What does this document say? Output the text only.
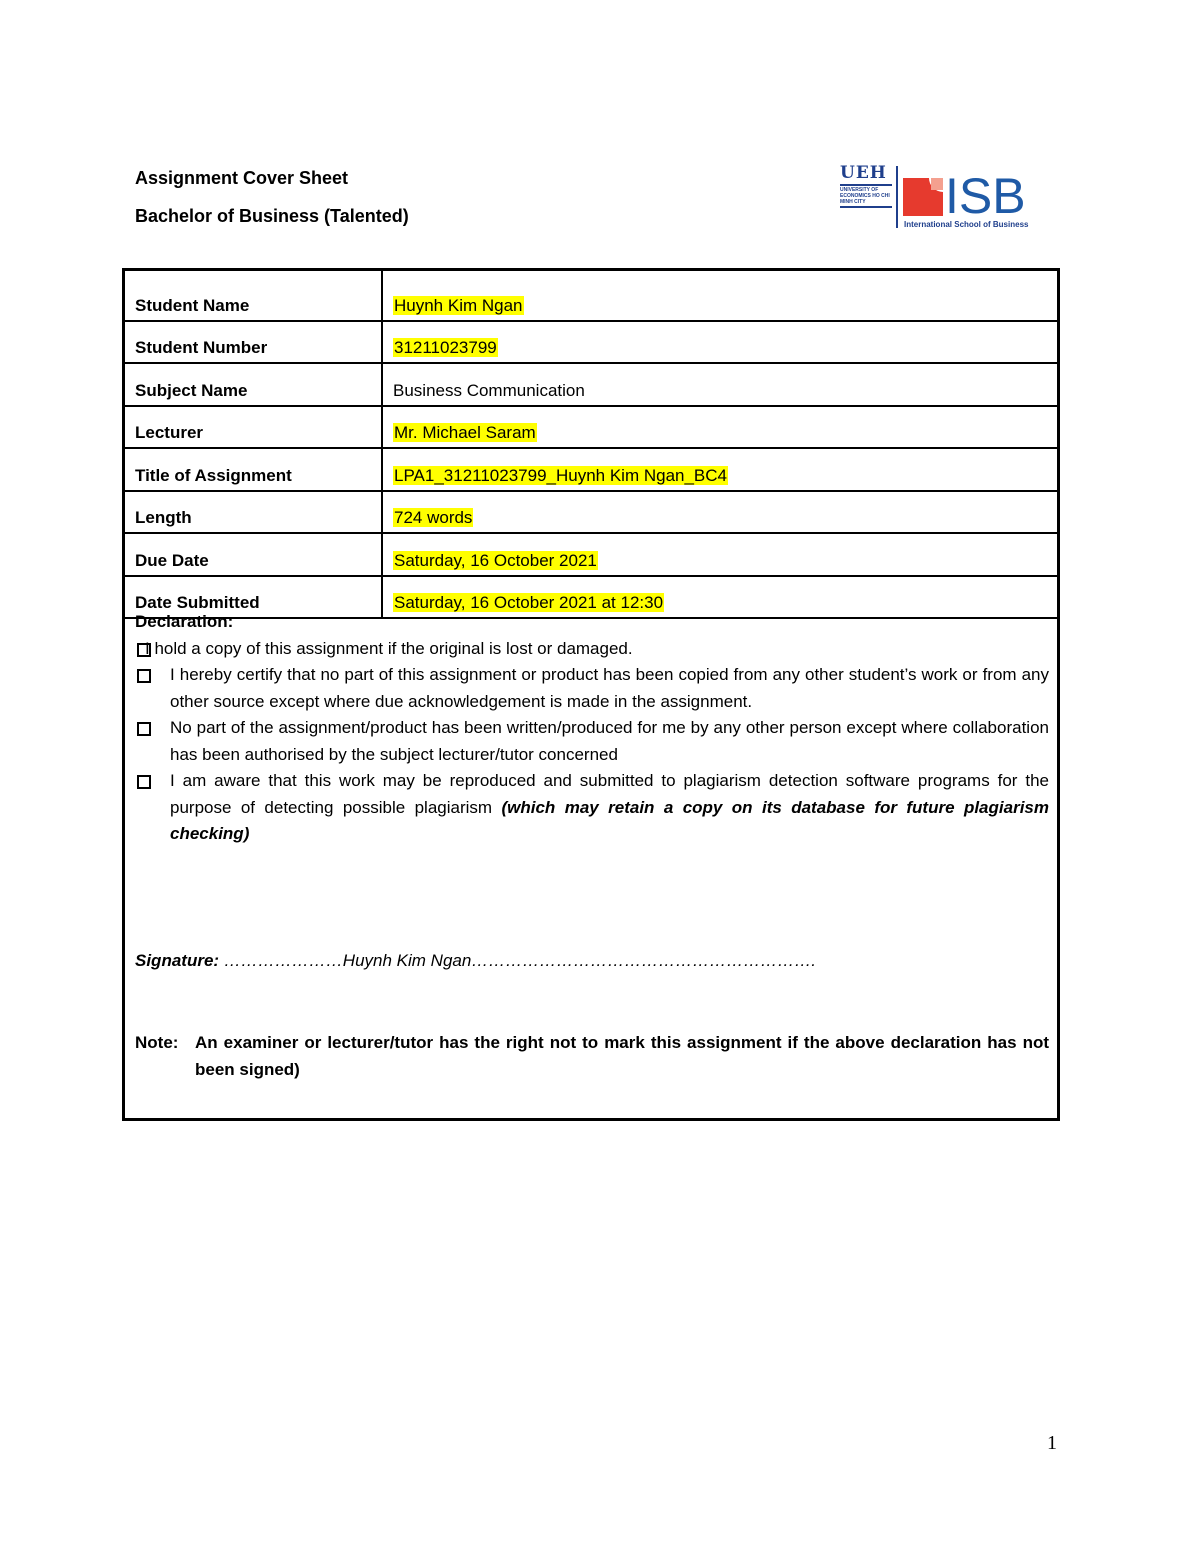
Assignment Cover Sheet
Bachelor of Business (Talented)
UEH
UNIVERSITY OF ECONOMICS HO CHI MINH CITY	ISB
International School of Business
Student Name	Huynh Kim Ngan
Student Number	31211023799
Subject Name	Business Communication
Lecturer	Mr. Michael Saram
Title of Assignment	LPA1_31211023799_Huynh Kim Ngan_BC4
Length	724 words
Due Date	Saturday, 16 October 2021
Date Submitted	Saturday, 16 October 2021 at 12:30
Declaration:
I hold a copy of this assignment if the original is lost or damaged.
I hereby certify that no part of this assignment or product has been copied from any other student’s work or from any other source except where due acknowledgement is made in the assignment.
No part of the assignment/product has been written/produced for me by any other person except where collaboration has been authorised by the subject lecturer/tutor concerned
I am aware that this work may be reproduced and submitted to plagiarism detection software programs for the purpose of detecting possible plagiarism (which may retain a copy on its database for future plagiarism checking)
Signature: …………………Huynh Kim Ngan…………………………………………………….
Note: An examiner or lecturer/tutor has the right not to mark this assignment if the above declaration has not been signed)
1
